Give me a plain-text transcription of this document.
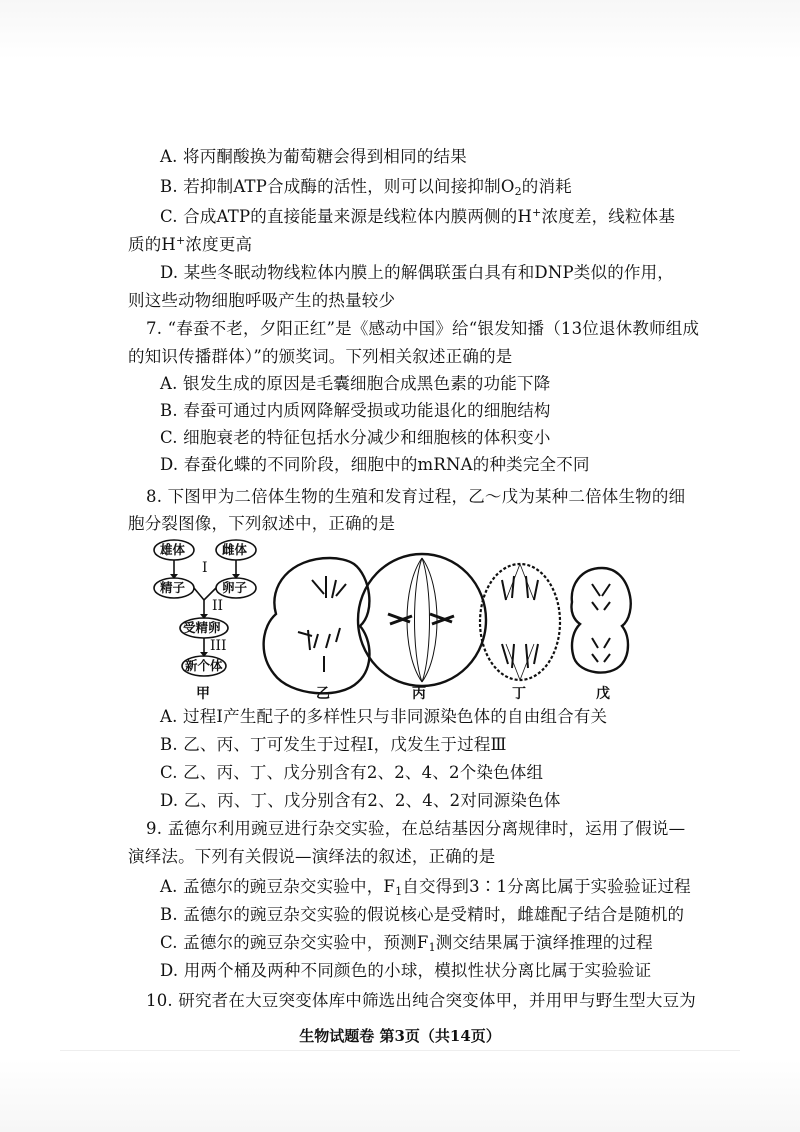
A. 将丙酮酸换为葡萄糖会得到相同的结果
B. 若抑制ATP合成酶的活性，则可以间接抑制$O_2$的消耗
C. 合成ATP的直接能量来源是线粒体内膜两侧的H+浓度差，线粒体基
质的H+浓度更高
D. 某些冬眠动物线粒体内膜上的解偶联蛋白具有和DNP类似的作用，
则这些动物细胞呼吸产生的热量较少
7. “春蚕不老，夕阳正红”是《感动中国》给“银发知播（13位退休教师组成
的知识传播群体）”的颁奖词。下列相关叙述正确的是
A. 银发生成的原因是毛囊细胞合成黑色素的功能下降
B. 春蚕可通过内质网降解受损或功能退化的细胞结构
C. 细胞衰老的特征包括水分减少和细胞核的体积变小
D. 春蚕化蝶的不同阶段，细胞中的mRNA的种类完全不同
8. 下图甲为二倍体生物的生殖和发育过程，乙～戊为某种二倍体生物的细
胞分裂图像，下列叙述中，正确的是
雄体	雌体
精子	卵子
受精卵
新个体
I
II
III
甲	乙	丙	丁	戊
A. 过程Ⅰ产生配子的多样性只与非同源染色体的自由组合有关
B. 乙、丙、丁可发生于过程Ⅰ，戊发生于过程Ⅲ
C. 乙、丙、丁、戊分别含有2、2、4、2个染色体组
D. 乙、丙、丁、戊分别含有2、2、4、2对同源染色体
9. 孟德尔利用豌豆进行杂交实验，在总结基因分离规律时，运用了假说—
演绎法。下列有关假说—演绎法的叙述，正确的是
A. 孟德尔的豌豆杂交实验中，$F_1$自交得到3∶1分离比属于实验验证过程
B. 孟德尔的豌豆杂交实验的假说核心是受精时，雌雄配子结合是随机的
C. 孟德尔的豌豆杂交实验中，预测$F_1$测交结果属于演绎推理的过程
D. 用两个桶及两种不同颜色的小球，模拟性状分离比属于实验验证
10. 研究者在大豆突变体库中筛选出纯合突变体甲，并用甲与野生型大豆为
生物试题卷 第3页（共14页）
